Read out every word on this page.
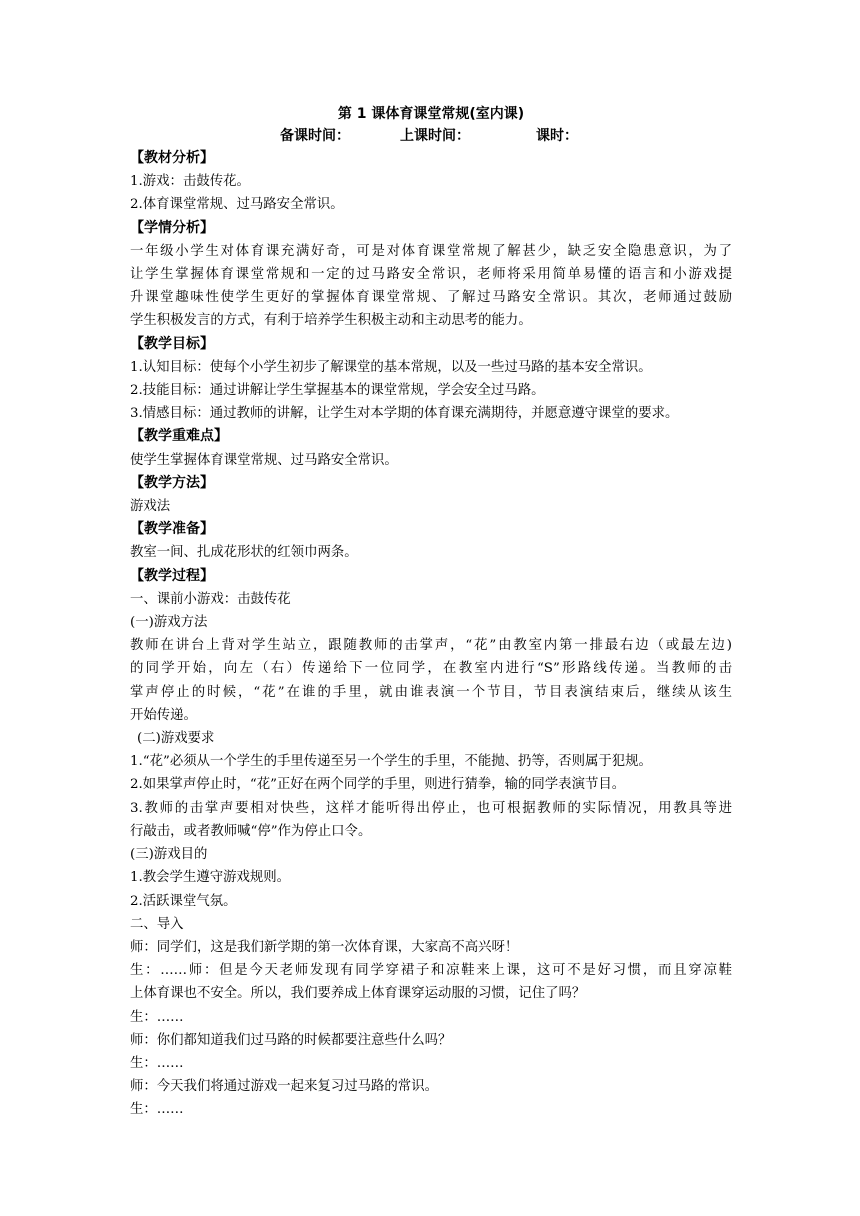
第 1 课体育课堂常规(室内课)
备课时间：	上课时间：	课时：
【教材分析】
1.游戏：击鼓传花。
2.体育课堂常规、过马路安全常识。
【学情分析】
一年级小学生对体育课充满好奇，可是对体育课堂常规了解甚少，缺乏安全隐患意识，为了
让学生掌握体育课堂常规和一定的过马路安全常识，老师将采用简单易懂的语言和小游戏提
升课堂趣味性使学生更好的掌握体育课堂常规、了解过马路安全常识。其次，老师通过鼓励
学生积极发言的方式，有利于培养学生积极主动和主动思考的能力。
【教学目标】
1.认知目标：使每个小学生初步了解课堂的基本常规，以及一些过马路的基本安全常识。
2.技能目标：通过讲解让学生掌握基本的课堂常规，学会安全过马路。
3.情感目标：通过教师的讲解，让学生对本学期的体育课充满期待，并愿意遵守课堂的要求。
【教学重难点】
使学生掌握体育课堂常规、过马路安全常识。
【教学方法】
游戏法
【教学准备】
教室一间、扎成花形状的红领巾两条。
【教学过程】
一、课前小游戏：击鼓传花
(一)游戏方法
教师在讲台上背对学生站立，跟随教师的击掌声，“花”由教室内第一排最右边（或最左边)
的同学开始，向左（右）传递给下一位同学，在教室内进行“S”形路线传递。当教师的击
掌声停止的时候，“花”在谁的手里，就由谁表演一个节目，节目表演结束后，继续从该生
开始传递。
(二)游戏要求
1.“花”必须从一个学生的手里传递至另一个学生的手里，不能抛、扔等，否则属于犯规。
2.如果掌声停止时，“花”正好在两个同学的手里，则进行猜拳，输的同学表演节目。
3.教师的击掌声要相对快些，这样才能听得出停止，也可根据教师的实际情况，用教具等进
行敲击，或者教师喊“停”作为停止口令。
(三)游戏目的
1.教会学生遵守游戏规则。
2.活跃课堂气氛。
二、导入
师：同学们，这是我们新学期的第一次体育课，大家高不高兴呀！
生：……师：但是今天老师发现有同学穿裙子和凉鞋来上课，这可不是好习惯，而且穿凉鞋
上体育课也不安全。所以，我们要养成上体育课穿运动服的习惯，记住了吗？
生：……
师：你们都知道我们过马路的时候都要注意些什么吗？
生：……
师：今天我们将通过游戏一起来复习过马路的常识。
生：……
